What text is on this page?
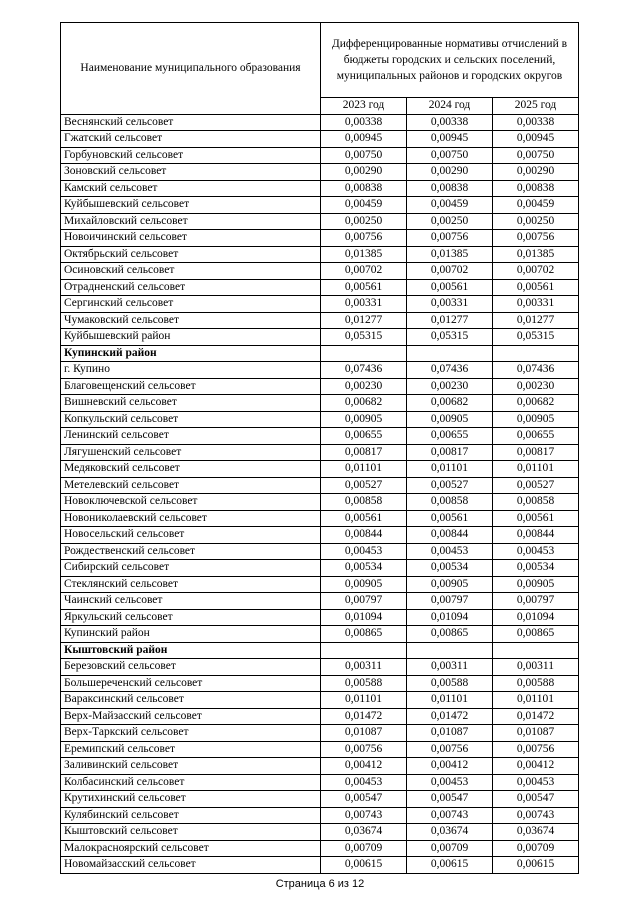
Наименование муниципального образования	Дифференцированные нормативы отчислений в бюджеты городских и сельских поселений, муниципальных районов и городских округов		
	2023 год	2024 год	2025 год
Веснянский сельсовет	0,00338	0,00338	0,00338
Гжатский сельсовет	0,00945	0,00945	0,00945
Горбуновский сельсовет	0,00750	0,00750	0,00750
Зоновский сельсовет	0,00290	0,00290	0,00290
Камский сельсовет	0,00838	0,00838	0,00838
Куйбышевский сельсовет	0,00459	0,00459	0,00459
Михайловский сельсовет	0,00250	0,00250	0,00250
Новоичинский сельсовет	0,00756	0,00756	0,00756
Октябрьский сельсовет	0,01385	0,01385	0,01385
Осиновский сельсовет	0,00702	0,00702	0,00702
Отрадненский сельсовет	0,00561	0,00561	0,00561
Сергинский сельсовет	0,00331	0,00331	0,00331
Чумаковский сельсовет	0,01277	0,01277	0,01277
Куйбышевский район	0,05315	0,05315	0,05315
Купинский район			
г. Купино	0,07436	0,07436	0,07436
Благовещенский сельсовет	0,00230	0,00230	0,00230
Вишневский сельсовет	0,00682	0,00682	0,00682
Копкульский сельсовет	0,00905	0,00905	0,00905
Ленинский сельсовет	0,00655	0,00655	0,00655
Лягушенский сельсовет	0,00817	0,00817	0,00817
Медяковский сельсовет	0,01101	0,01101	0,01101
Метелевский сельсовет	0,00527	0,00527	0,00527
Новоключевской сельсовет	0,00858	0,00858	0,00858
Новониколаевский сельсовет	0,00561	0,00561	0,00561
Новосельский сельсовет	0,00844	0,00844	0,00844
Рождественский сельсовет	0,00453	0,00453	0,00453
Сибирский сельсовет	0,00534	0,00534	0,00534
Стеклянский сельсовет	0,00905	0,00905	0,00905
Чаинский сельсовет	0,00797	0,00797	0,00797
Яркульский сельсовет	0,01094	0,01094	0,01094
Купинский район	0,00865	0,00865	0,00865
Кыштовский район			
Березовский сельсовет	0,00311	0,00311	0,00311
Большереченский сельсовет	0,00588	0,00588	0,00588
Вараксинский сельсовет	0,01101	0,01101	0,01101
Верх-Майзасский сельсовет	0,01472	0,01472	0,01472
Верх-Таркский сельсовет	0,01087	0,01087	0,01087
Еремипский сельсовет	0,00756	0,00756	0,00756
Заливинский сельсовет	0,00412	0,00412	0,00412
Колбасинский сельсовет	0,00453	0,00453	0,00453
Крутихинский сельсовет	0,00547	0,00547	0,00547
Кулябинский сельсовет	0,00743	0,00743	0,00743
Кыштовский сельсовет	0,03674	0,03674	0,03674
Малокрасноярский сельсовет	0,00709	0,00709	0,00709
Новомайзасский сельсовет	0,00615	0,00615	0,00615
Страница 6 из 12
